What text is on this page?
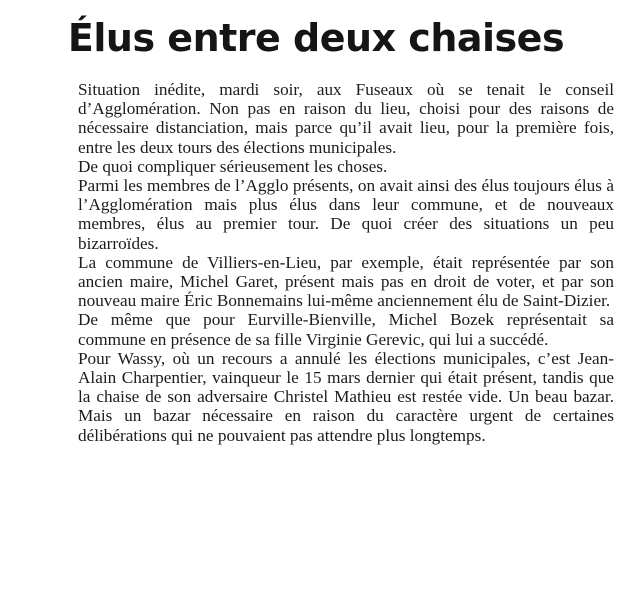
Élus entre deux chaises

Situation inédite, mardi soir, aux Fuseaux où se tenait le conseil d’Agglomération. Non pas en raison du lieu, choisi pour des raisons de nécessaire distanciation, mais parce qu’il avait lieu, pour la première fois, entre les deux tours des élections municipales.

De quoi compliquer sérieusement les choses.

Parmi les membres de l’Agglo présents, on avait ainsi des élus toujours élus à l’Agglomération mais plus élus dans leur commune, et de nouveaux membres, élus au premier tour. De quoi créer des situations un peu bizarroïdes.

La commune de Villiers-en-Lieu, par exemple, était représentée par son ancien maire, Michel Garet, présent mais pas en droit de voter, et par son nouveau maire Éric Bonnemains lui-même anciennement élu de Saint-Dizier.

De même que pour Eurville-Bienville, Michel Bozek représentait sa commune en présence de sa fille Virginie Gerevic, qui lui a succédé.

Pour Wassy, où un recours a annulé les élections municipales, c’est Jean-Alain Charpentier, vainqueur le 15 mars dernier qui était présent, tandis que la chaise de son adversaire Christel Mathieu est restée vide. Un beau bazar. Mais un bazar nécessaire en raison du caractère urgent de certaines délibérations qui ne pouvaient pas attendre plus longtemps.
